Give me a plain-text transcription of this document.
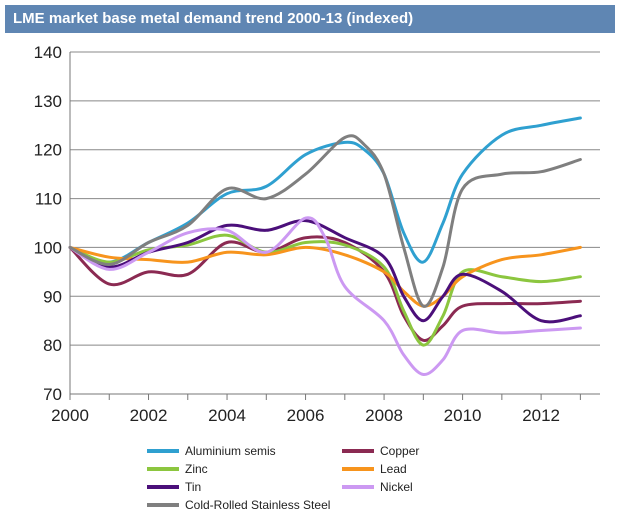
LME market base metal demand trend 2000-13 (indexed)
70
80
90
100
110
120
130
140
2000 2002 2004 2006 2008 2010 2012
Aluminium semis	Copper
Zinc	Lead
Tin	Nickel
Cold-Rolled Stainless Steel
